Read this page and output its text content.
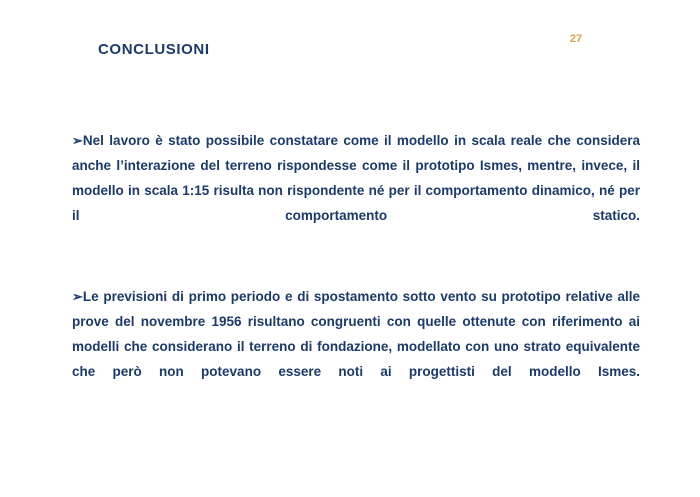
27
CONCLUSIONI
➢Nel lavoro è stato possibile constatare come il modello in scala reale che considera anche l’interazione del terreno rispondesse come il prototipo Ismes, mentre, invece, il modello in scala 1:15 risulta non rispondente né per il comportamento dinamico, né per il comportamento statico.
➢Le previsioni di primo periodo e di spostamento sotto vento su prototipo relative alle prove del novembre 1956 risultano congruenti con quelle ottenute con riferimento ai modelli che considerano il terreno di fondazione, modellato con uno strato equivalente che però non potevano essere noti ai progettisti del modello Ismes.
